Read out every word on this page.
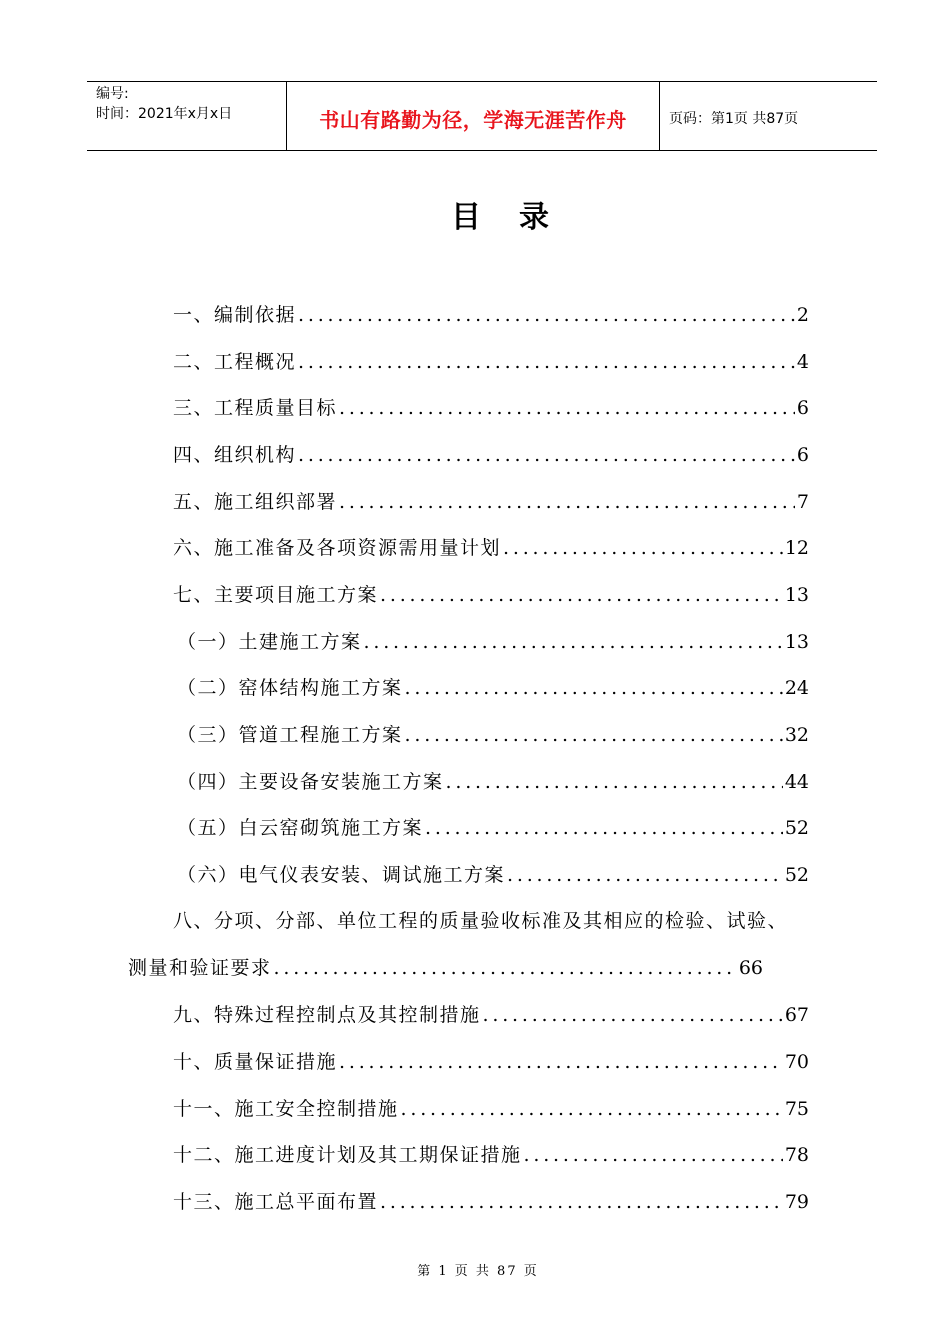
编号:
时间：2021年x月x日	书山有路勤为径，学海无涯苦作舟	页码：第1页 共87页
目录
一、编制依据 .....	2
二、工程概况 .....	4
三、工程质量目标 .....	6
四、组织机构 .....	6
五、施工组织部署 .....	7
六、施工准备及各项资源需用量计划 .....	12
七、主要项目施工方案 .....	13
（一）土建施工方案 .....	13
（二）窑体结构施工方案 .....	24
（三）管道工程施工方案 .....	32
（四）主要设备安装施工方案 .....	44
（五）白云窑砌筑施工方案 .....	52
（六）电气仪表安装、调试施工方案 .....	52
八、分项、分部、单位工程的质量验收标准及其相应的检验、试验、
测量和验证要求 .....	66
九、特殊过程控制点及其控制措施 .....	67
十、质量保证措施 .....	70
十一、施工安全控制措施 .....	75
十二、施工进度计划及其工期保证措施 .....	78
十三、施工总平面布置 .....	79
第 1 页 共 87 页
